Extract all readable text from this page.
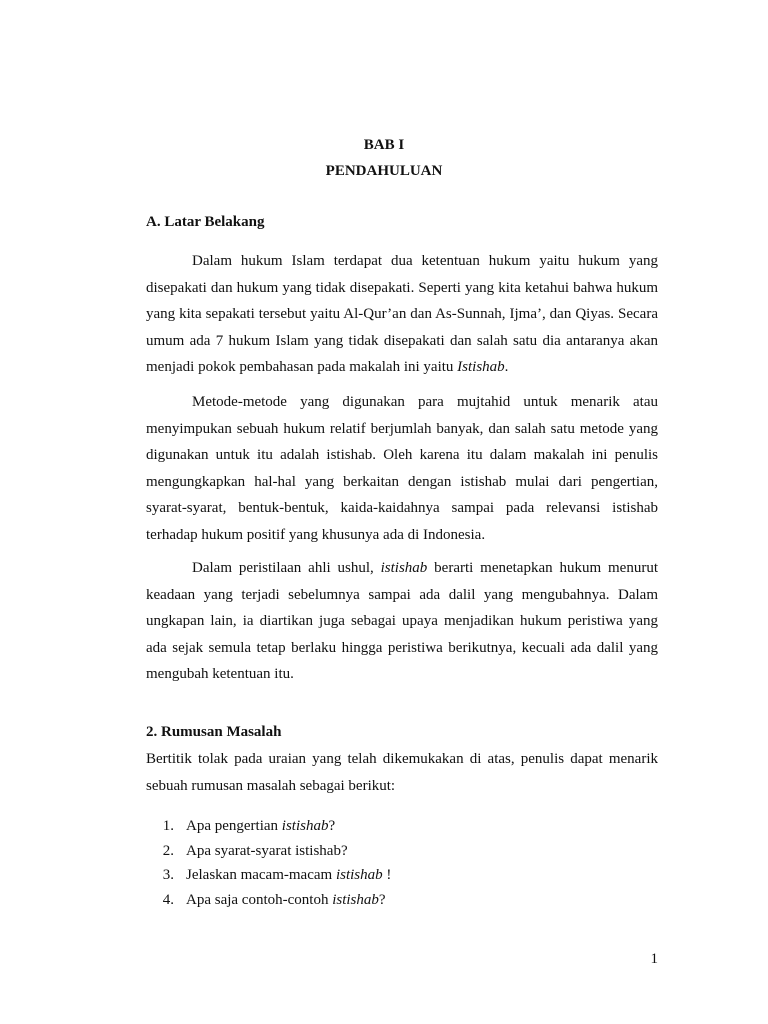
BAB I
PENDAHULUAN
A. Latar Belakang

Dalam hukum Islam terdapat dua ketentuan hukum yaitu hukum yang disepakati dan hukum yang tidak disepakati. Seperti yang kita ketahui bahwa hukum yang kita sepakati tersebut yaitu Al-Qur’an dan As-Sunnah, Ijma’, dan Qiyas. Secara umum ada 7 hukum Islam yang tidak disepakati dan salah satu dia antaranya akan menjadi pokok pembahasan pada makalah ini yaitu Istishab.

Metode-metode yang digunakan para mujtahid untuk menarik atau menyimpukan sebuah hukum relatif berjumlah banyak, dan salah satu metode yang digunakan untuk itu adalah istishab. Oleh karena itu dalam makalah ini penulis mengungkapkan hal-hal yang berkaitan dengan istishab mulai dari pengertian, syarat-syarat, bentuk-bentuk, kaida-kaidahnya sampai pada relevansi istishab terhadap hukum positif yang khusunya ada di Indonesia.

Dalam peristilaan ahli ushul, istishab berarti menetapkan hukum menurut keadaan yang terjadi sebelumnya sampai ada dalil yang mengubahnya. Dalam ungkapan lain, ia diartikan juga sebagai upaya menjadikan hukum peristiwa yang ada sejak semula tetap berlaku hingga peristiwa berikutnya, kecuali ada dalil yang mengubah ketentuan itu.

2. Rumusan Masalah

Bertitik tolak pada uraian yang telah dikemukakan di atas, penulis dapat menarik sebuah rumusan masalah sebagai berikut:

1. Apa pengertian istishab?
2. Apa syarat-syarat istishab?
3. Jelaskan macam-macam istishab !
4. Apa saja contoh-contoh istishab?
1
